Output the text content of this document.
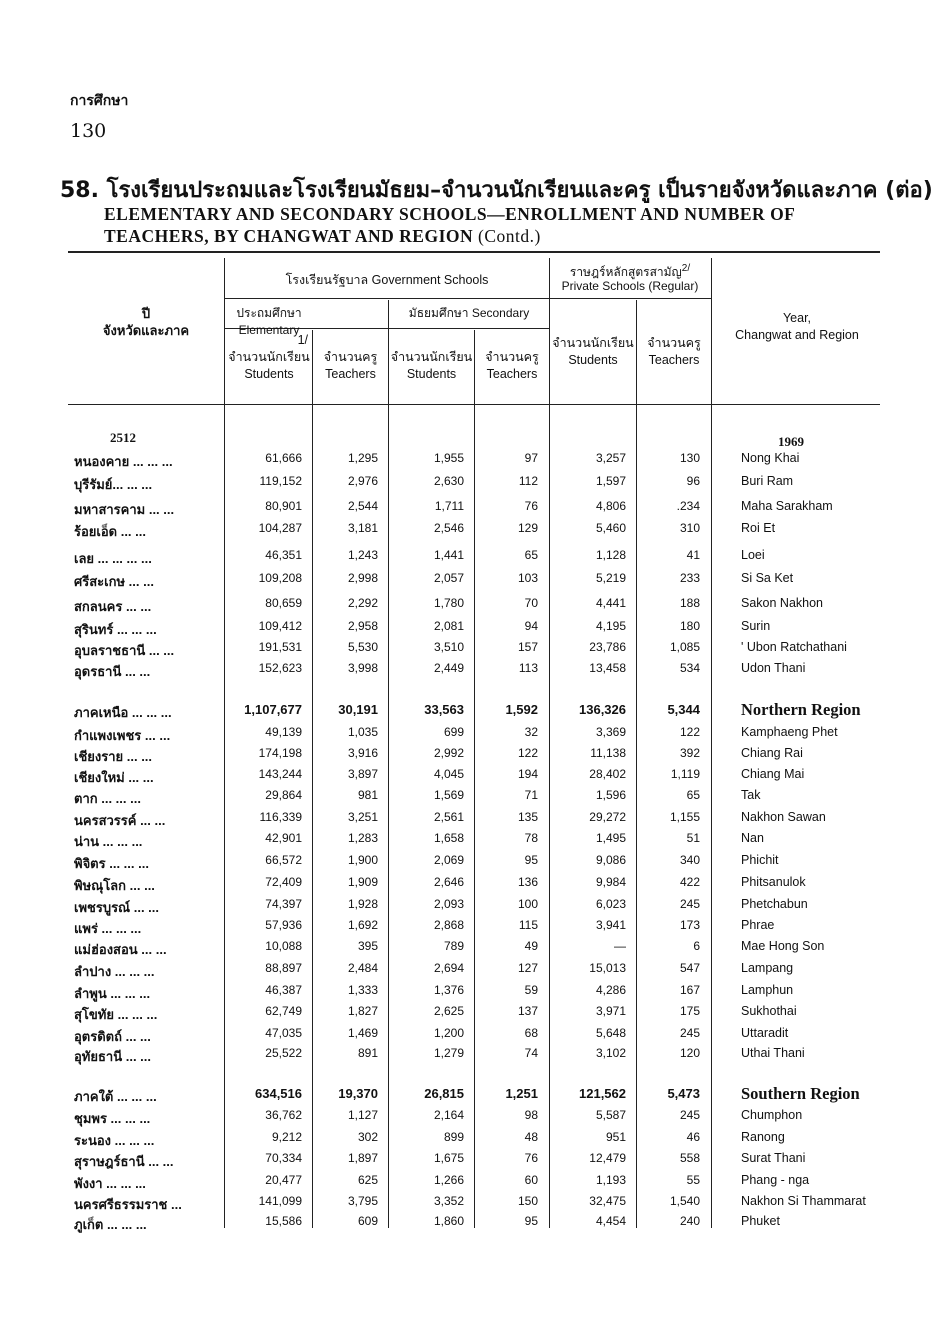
การศึกษา
130
58. โรงเรียนประถมและโรงเรียนมัธยม–จำนวนนักเรียนและครู เป็นรายจังหวัดและภาค (ต่อ)
ELEMENTARY AND SECONDARY SCHOOLS—ENROLLMENT AND NUMBER OF TEACHERS, BY CHANGWAT AND REGION (Contd.)
โรงเรียนรัฐบาล Government Schools
ราษฎร์หลักสูตรสามัญ$^{2/}$
Private Schools (Regular)
ประถมศึกษา Elementary
มัธยมศึกษา Secondary
1/
จำนวนนักเรียน
Students
จำนวนครู
Teachers
จำนวนนักเรียน
Students
จำนวนครู
Teachers
จำนวนนักเรียน
Students
จำนวนครู
Teachers
ปี
จังหวัดและภาค
Year,
Changwat and Region
2512	1969
หนองคาย ... ... ...	61,666	1,295	1,955	97	3,257	130	Nong Khai
บุรีรัมย์... ... ...	119,152	2,976	2,630	112	1,597	96	Buri Ram
มหาสารคาม ... ...	80,901	2,544	1,711	76	4,806	.234	Maha Sarakham
ร้อยเอ็ด ... ...	104,287	3,181	2,546	129	5,460	310	Roi Et
เลย ... ... ... ...	46,351	1,243	1,441	65	1,128	41	Loei
ศรีสะเกษ ... ...	109,208	2,998	2,057	103	5,219	233	Si Sa Ket
สกลนคร ... ...	80,659	2,292	1,780	70	4,441	188	Sakon Nakhon
สุรินทร์ ... ... ...	109,412	2,958	2,081	94	4,195	180	Surin
อุบลราชธานี ... ...	191,531	5,530	3,510	157	23,786	1,085	' Ubon Ratchathani
อุดรธานี ... ...	152,623	3,998	2,449	113	13,458	534	Udon Thani
ภาคเหนือ ... ... ...	1,107,677	30,191	33,563	1,592	136,326	5,344 Northern Region
กำแพงเพชร ... ...	49,139	1,035	699	32	3,369	122	Kamphaeng Phet
เชียงราย ... ...	174,198	3,916	2,992	122	11,138	392	Chiang Rai
เชียงใหม่ ... ...	143,244	3,897	4,045	194	28,402	1,119	Chiang Mai
ตาก ... ... ...	29,864	981	1,569	71	1,596	65	Tak
นครสวรรค์ ... ...	116,339	3,251	2,561	135	29,272	1,155	Nakhon Sawan
น่าน ... ... ...	42,901	1,283	1,658	78	1,495	51	Nan
พิจิตร ... ... ...	66,572	1,900	2,069	95	9,086	340	Phichit
พิษณุโลก ... ...	72,409	1,909	2,646	136	9,984	422	Phitsanulok
เพชรบูรณ์ ... ...	74,397	1,928	2,093	100	6,023	245	Phetchabun
แพร่ ... ... ...	57,936	1,692	2,868	115	3,941	173	Phrae
แม่ฮ่องสอน ... ...	10,088	395	789	49	—	6	Mae Hong Son
ลำปาง ... ... ...	88,897	2,484	2,694	127	15,013	547	Lampang
ลำพูน ... ... ...	46,387	1,333	1,376	59	4,286	167	Lamphun
สุโขทัย ... ... ...	62,749	1,827	2,625	137	3,971	175	Sukhothai
อุตรดิตถ์ ... ...	47,035	1,469	1,200	68	5,648	245	Uttaradit
อุทัยธานี ... ...	25,522	891	1,279	74	3,102	120	Uthai Thani
ภาคใต้ ... ... ...	634,516	19,370	26,815	1,251	121,562	5,473 Southern Region
ชุมพร ... ... ...	36,762	1,127	2,164	98	5,587	245	Chumphon
ระนอง ... ... ...	9,212	302	899	48	951	46	Ranong
สุราษฎร์ธานี ... ...	70,334	1,897	1,675	76	12,479	558	Surat Thani
พังงา ... ... ...	20,477	625	1,266	60	1,193	55	Phang - nga
นครศรีธรรมราช ...	141,099	3,795	3,352	150	32,475	1,540	Nakhon Si Thammarat
ภูเก็ต ... ... ...	15,586	609	1,860	95	4,454	240	Phuket
